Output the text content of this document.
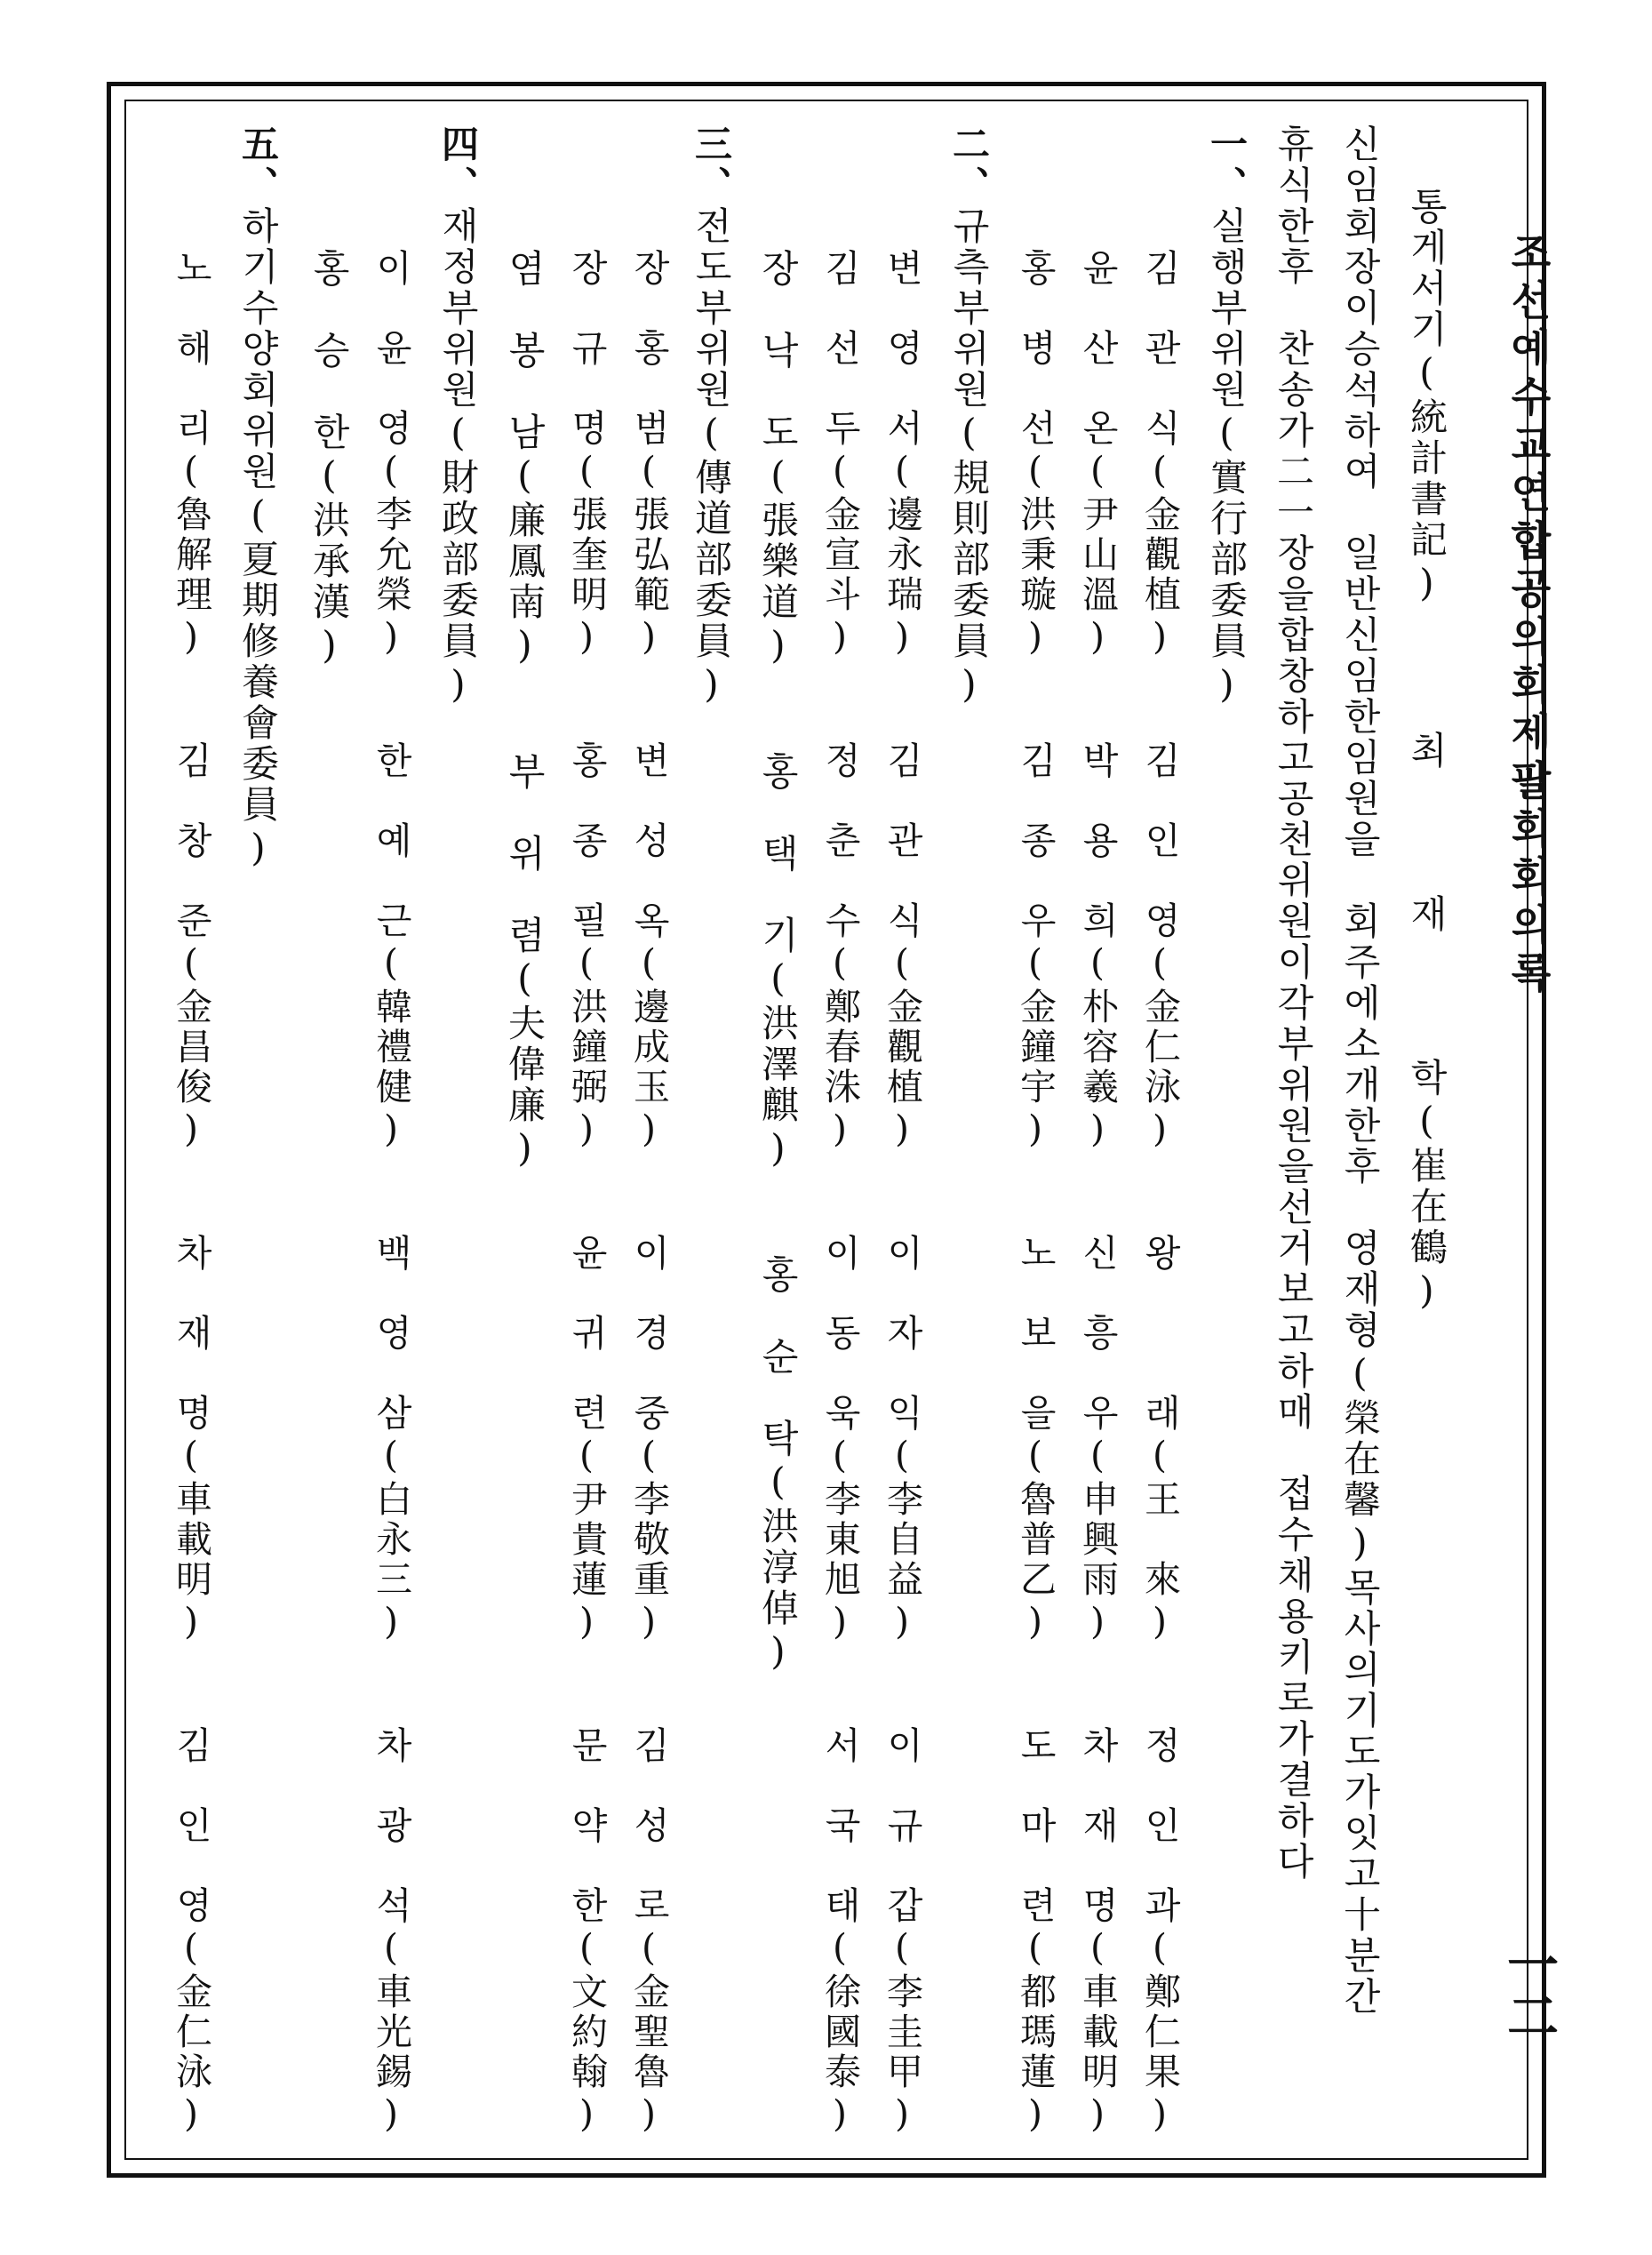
조선예수교연합공의회제팔회회의록
一二
통게서기(統計書記)　　　최　　　재　　　학(崔在鶴)
신임회장이승석하여　일반신임한임원을　회주에소개한후　영재형(榮在馨)목사의기도가잇고十분간
휴식한후　찬송가二一장을합창하고공천위원이각부위원을선거보고하매　접수채용키로가결하다
一、실행부위원(實行部委員)
김　관　식(金觀植)　　김　인　영(金仁泳)　　왕　　　래(王　來)　　정　인　과(鄭仁果)
윤　산　온(尹山溫)　　박　용　희(朴容羲)　　신　흥　우(申興雨)　　차　재　명(車載明)
홍　병　선(洪秉璇)　　김　종　우(金鐘宇)　　노　보　을(魯普乙)　　도　마　련(都瑪蓮)
二、규측부위원(規則部委員)
변　영　서(邊永瑞)　　김　관　식(金觀植)　　이　자　익(李自益)　　이　규　갑(李圭甲)
김　선　두(金宣斗)　　정　춘　수(鄭春洙)　　이　동　욱(李東旭)　　서　국　태(徐國泰)
장　낙　도(張樂道)　　홍　택　기(洪澤麒)　　홍　순　탁(洪淳倬)
三、전도부위원(傳道部委員)
장　홍　범(張弘範)　　변　성　옥(邊成玉)　　이　경　중(李敬重)　　김　성　로(金聖魯)
장　규　명(張奎明)　　홍　종　필(洪鐘弼)　　윤　귀　련(尹貴蓮)　　문　약　한(文約翰)
염　봉　남(廉鳳南)　　부　위　렴(夫偉廉)
四、재정부위원(財政部委員)
이　윤　영(李允榮)　　한　예　근(韓禮健)　　백　영　삼(白永三)　　차　광　석(車光錫)
홍　승　한(洪承漢)
五、하기수양회위원(夏期修養會委員)
노　해　리(魯解理)　　김　창　준(金昌俊)　　차　재　명(車載明)　　김　인　영(金仁泳)
